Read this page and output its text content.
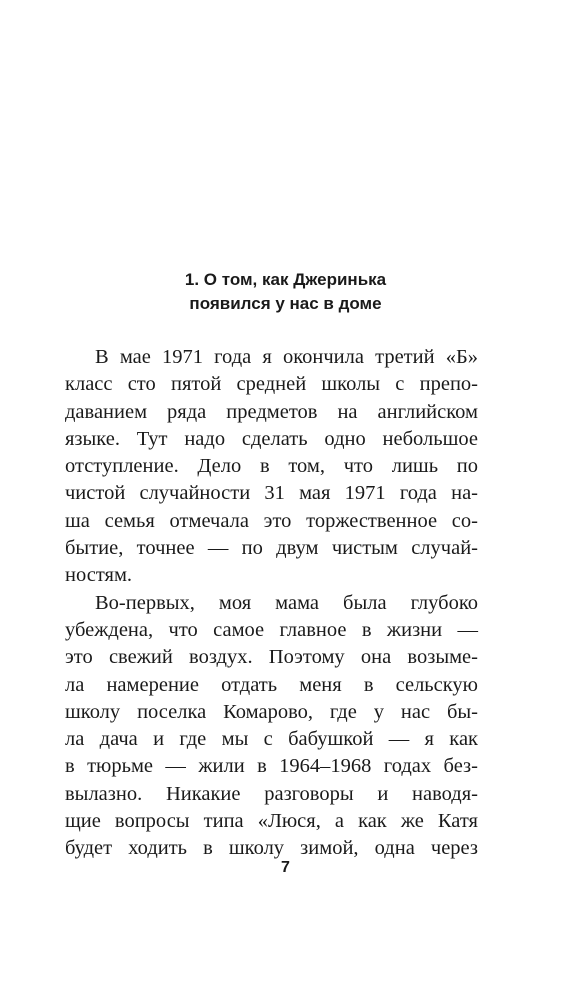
1. О том, как Джеринька
появился у нас в доме
В мае 1971 года я окончила третий «Б»
класс сто пятой средней школы с препо-
даванием ряда предметов на английском
языке. Тут надо сделать одно небольшое
отступление. Дело в том, что лишь по
чистой случайности 31 мая 1971 года на-
ша семья отмечала это торжественное со-
бытие, точнее — по двум чистым случай-
ностям.
Во-первых, моя мама была глубоко
убеждена, что самое главное в жизни —
это свежий воздух. Поэтому она возыме-
ла намерение отдать меня в сельскую
школу поселка Комарово, где у нас бы-
ла дача и где мы с бабушкой — я как
в тюрьме — жили в 1964–1968 годах без-
вылазно. Никакие разговоры и наводя-
щие вопросы типа «Люся, а как же Катя
будет ходить в школу зимой, одна через
7
